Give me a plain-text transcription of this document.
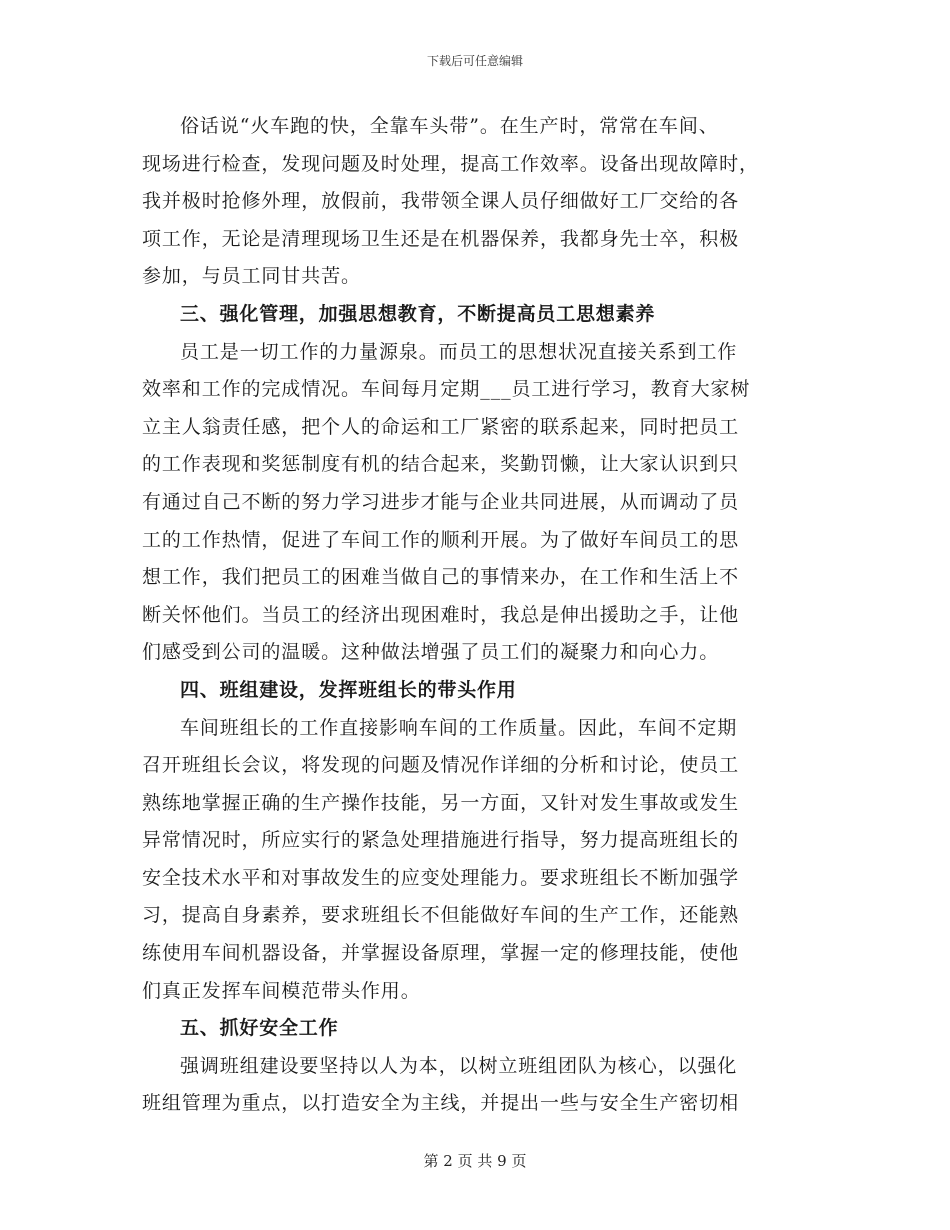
下载后可任意编辑

俗话说“火车跑的快，全靠车头带”。在生产时，常常在车间、
现场进行检查，发现问题及时处理，提高工作效率。设备出现故障时，
我并极时抢修外理，放假前，我带领全课人员仔细做好工厂交给的各
项工作，无论是清理现场卫生还是在机器保养，我都身先士卒，积极
参加，与员工同甘共苦。

三、强化管理，加强思想教育，不断提高员工思想素养

员工是一切工作的力量源泉。而员工的思想状况直接关系到工作
效率和工作的完成情况。车间每月定期___员工进行学习，教育大家树
立主人翁责任感，把个人的命运和工厂紧密的联系起来，同时把员工
的工作表现和奖惩制度有机的结合起来，奖勤罚懒，让大家认识到只
有通过自己不断的努力学习进步才能与企业共同进展，从而调动了员
工的工作热情，促进了车间工作的顺利开展。为了做好车间员工的思
想工作，我们把员工的困难当做自己的事情来办，在工作和生活上不
断关怀他们。当员工的经济出现困难时，我总是伸出援助之手，让他
们感受到公司的温暖。这种做法增强了员工们的凝聚力和向心力。

四、班组建设，发挥班组长的带头作用

车间班组长的工作直接影响车间的工作质量。因此，车间不定期
召开班组长会议，将发现的问题及情况作详细的分析和讨论，使员工
熟练地掌握正确的生产操作技能，另一方面，又针对发生事故或发生
异常情况时，所应实行的紧急处理措施进行指导，努力提高班组长的
安全技术水平和对事故发生的应变处理能力。要求班组长不断加强学
习，提高自身素养，要求班组长不但能做好车间的生产工作，还能熟
练使用车间机器设备，并掌握设备原理，掌握一定的修理技能，使他
们真正发挥车间模范带头作用。

五、抓好安全工作

强调班组建设要坚持以人为本，以树立班组团队为核心，以强化
班组管理为重点，以打造安全为主线，并提出一些与安全生产密切相

第 2 页 共 9 页
